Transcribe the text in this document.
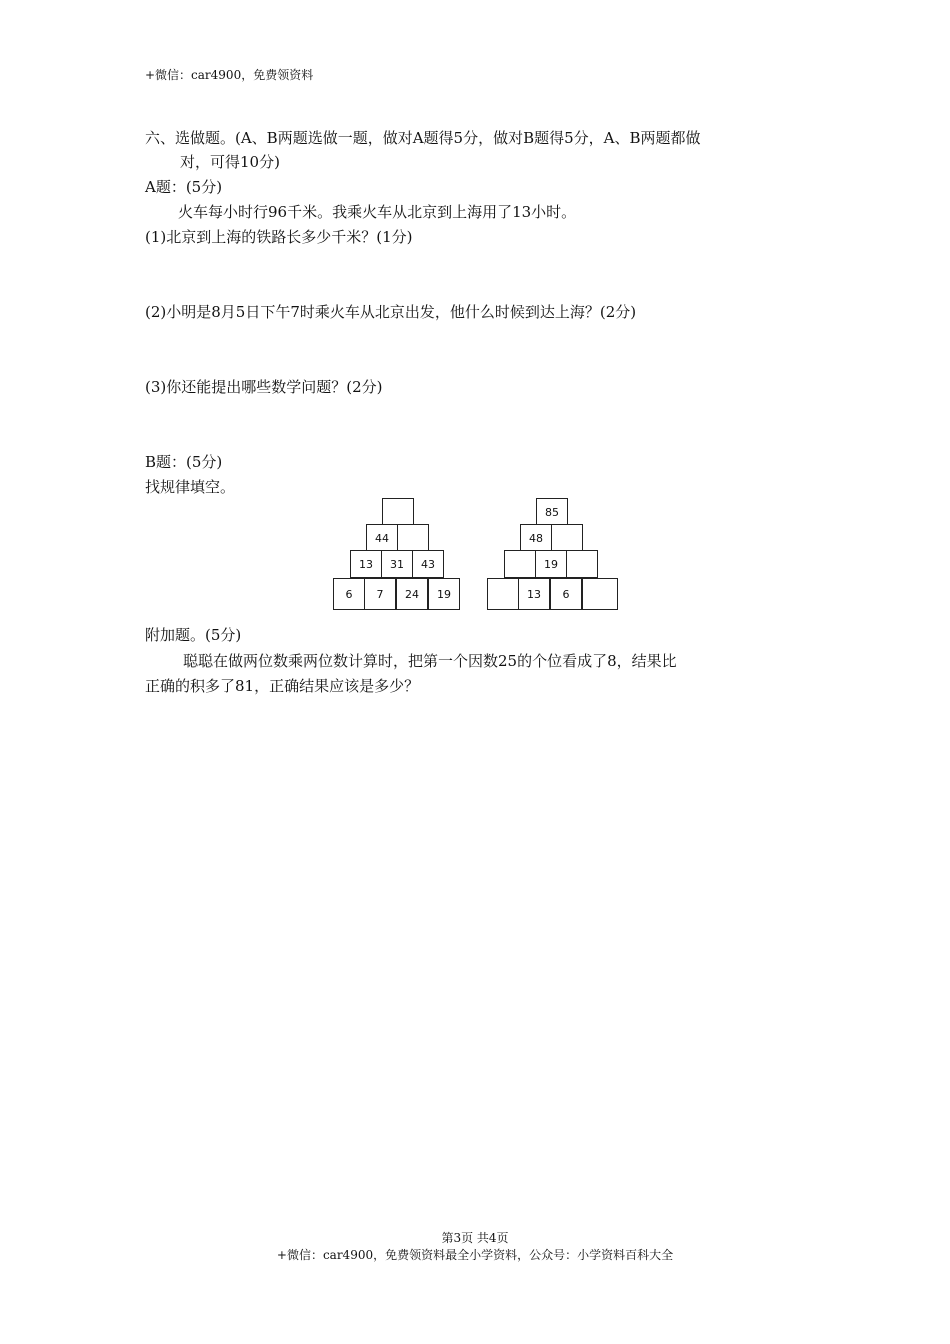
+微信：car4900，免费领资料
六、选做题。(A、B两题选做一题，做对A题得5分，做对B题得5分，A、B两题都做
对，可得10分)
A题：(5分)
火车每小时行96千米。我乘火车从北京到上海用了13小时。
(1)北京到上海的铁路长多少千米？(1分)
(2)小明是8月5日下午7时乘火车从北京出发，他什么时候到达上海？(2分)
(3)你还能提出哪些数学问题？(2分)
B题：(5分)
找规律填空。
44
13	31	43
6	7	24	19
85
48
19
13	6
附加题。(5分)
聪聪在做两位数乘两位数计算时，把第一个因数25的个位看成了8，结果比
正确的积多了81，正确结果应该是多少？
第3页 共4页
+微信：car4900，免费领资料最全小学资料，公众号：小学资料百科大全
